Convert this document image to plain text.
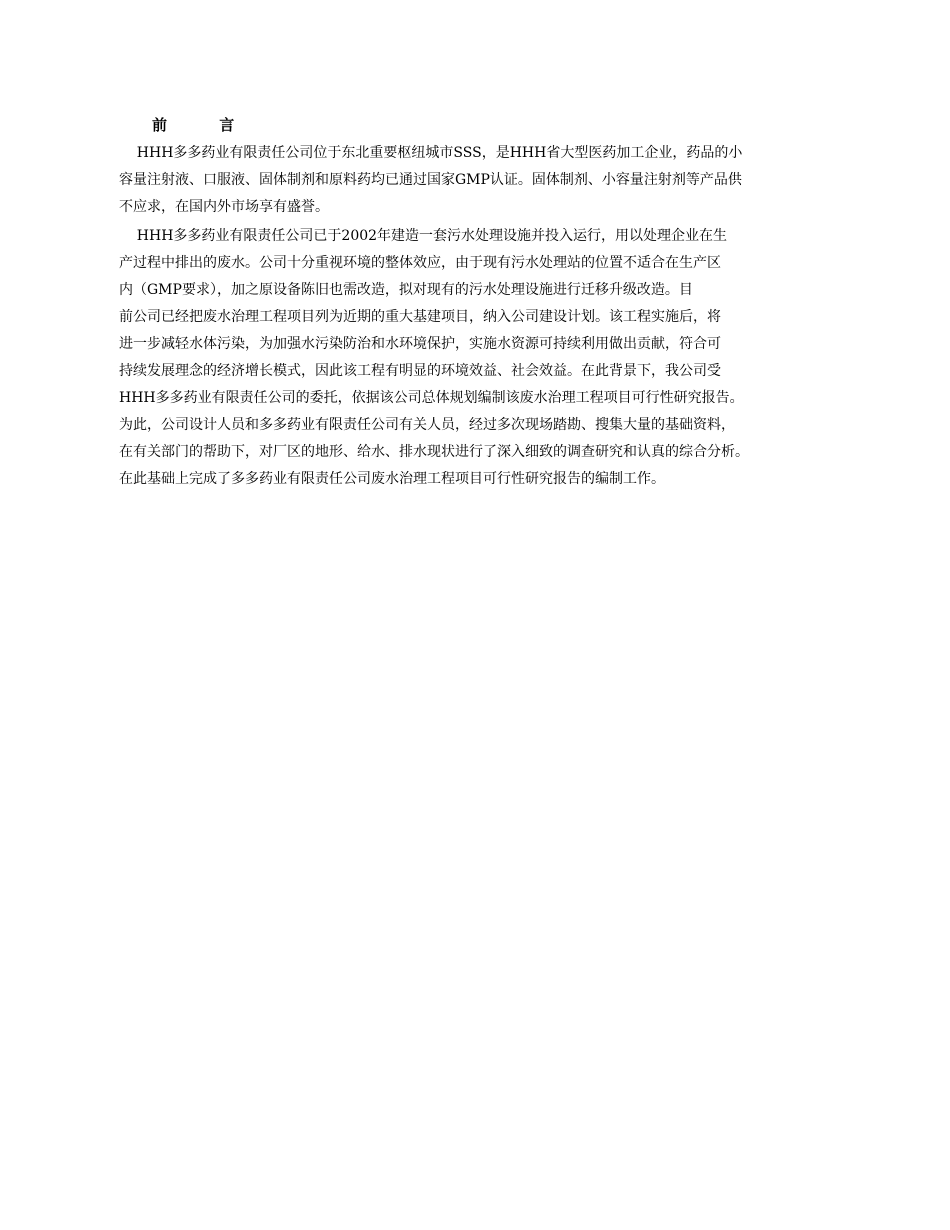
前          言
HHH多多药业有限责任公司位于东北重要枢纽城市SSS，是HHH省大型医药加工企业，药品的小
容量注射液、口服液、固体制剂和原料药均已通过国家GMP认证。固体制剂、小容量注射剂等产品供
不应求，在国内外市场享有盛誉。
HHH多多药业有限责任公司已于2002年建造一套污水处理设施并投入运行，用以处理企业在生
产过程中排出的废水。公司十分重视环境的整体效应，由于现有污水处理站的位置不适合在生产区
内（GMP要求），加之原设备陈旧也需改造，拟对现有的污水处理设施进行迁移升级改造。目
前公司已经把废水治理工程项目列为近期的重大基建项目，纳入公司建设计划。该工程实施后，将
进一步减轻水体污染，为加强水污染防治和水环境保护，实施水资源可持续利用做出贡献，符合可
持续发展理念的经济增长模式，因此该工程有明显的环境效益、社会效益。在此背景下，我公司受
HHH多多药业有限责任公司的委托，依据该公司总体规划编制该废水治理工程项目可行性研究报告。
为此，公司设计人员和多多药业有限责任公司有关人员，经过多次现场踏勘、搜集大量的基础资料，
在有关部门的帮助下，对厂区的地形、给水、排水现状进行了深入细致的调查研究和认真的综合分析。
在此基础上完成了多多药业有限责任公司废水治理工程项目可行性研究报告的编制工作。
